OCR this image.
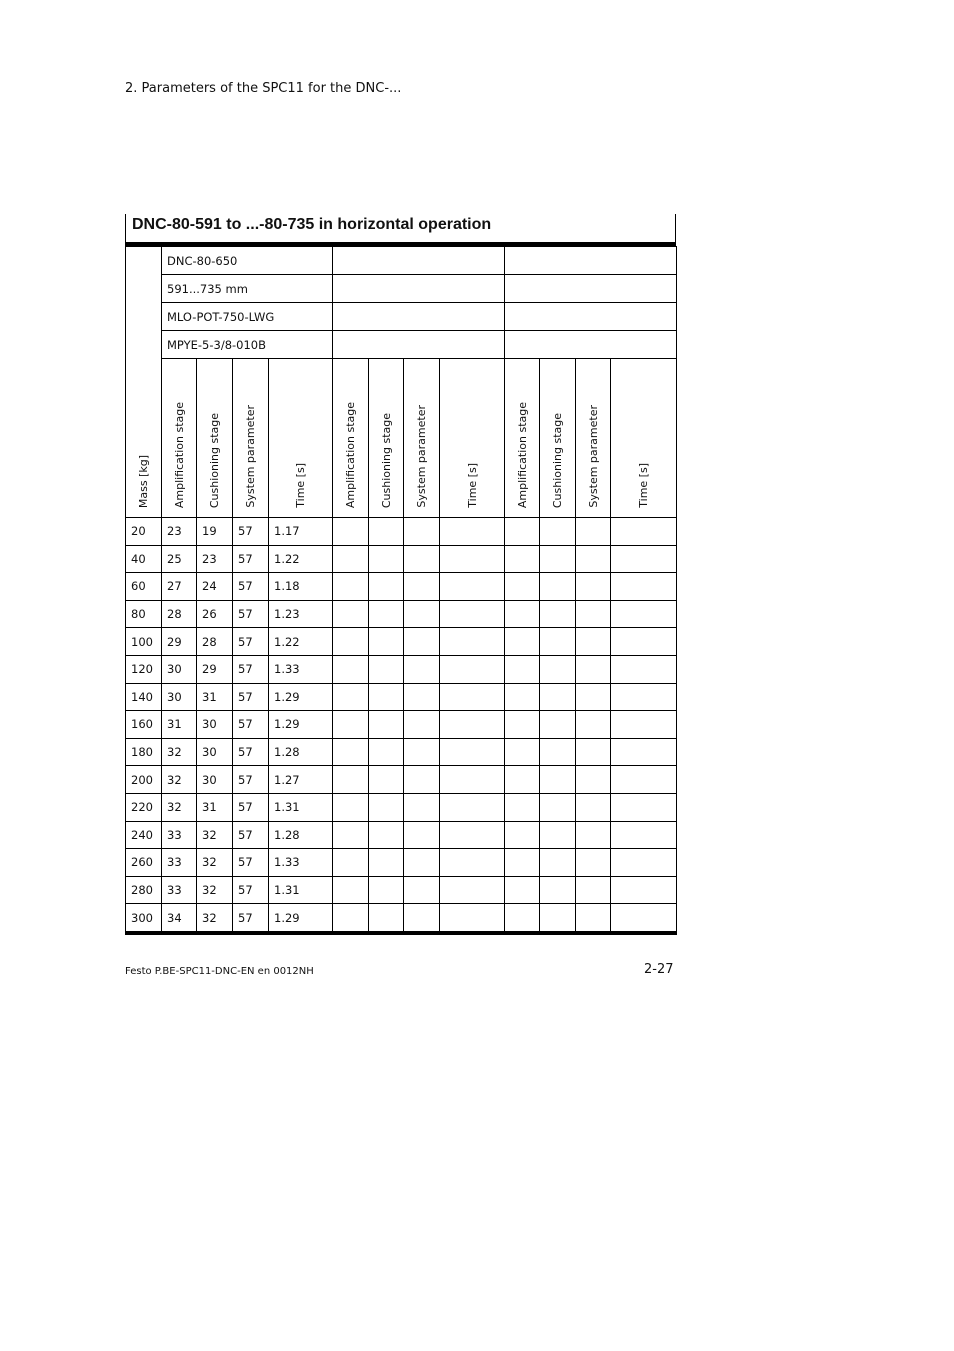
2. Parameters of the SPC11 for the DNC-...
DNC-80-591 to ...-80-735 in horizontal operation
Mass [kg]	DNC-80-650											
	591...735 mm											
	MLO-POT-750-LWG											
	MPYE-5-3/8-010B											
	Amplification stage	Cushioning stage	System parameter	Time [s]	Amplification stage	Cushioning stage	System parameter	Time [s]	Amplification stage	Cushioning stage	System parameter	Time [s]
20	23	19	57	1.17								
40	25	23	57	1.22								
60	27	24	57	1.18								
80	28	26	57	1.23								
100	29	28	57	1.22								
120	30	29	57	1.33								
140	30	31	57	1.29								
160	31	30	57	1.29								
180	32	30	57	1.28								
200	32	30	57	1.27								
220	32	31	57	1.31								
240	33	32	57	1.28								
260	33	32	57	1.33								
280	33	32	57	1.31								
300	34	32	57	1.29								
Festo P.BE-SPC11-DNC-EN en 0012NH	2-27
